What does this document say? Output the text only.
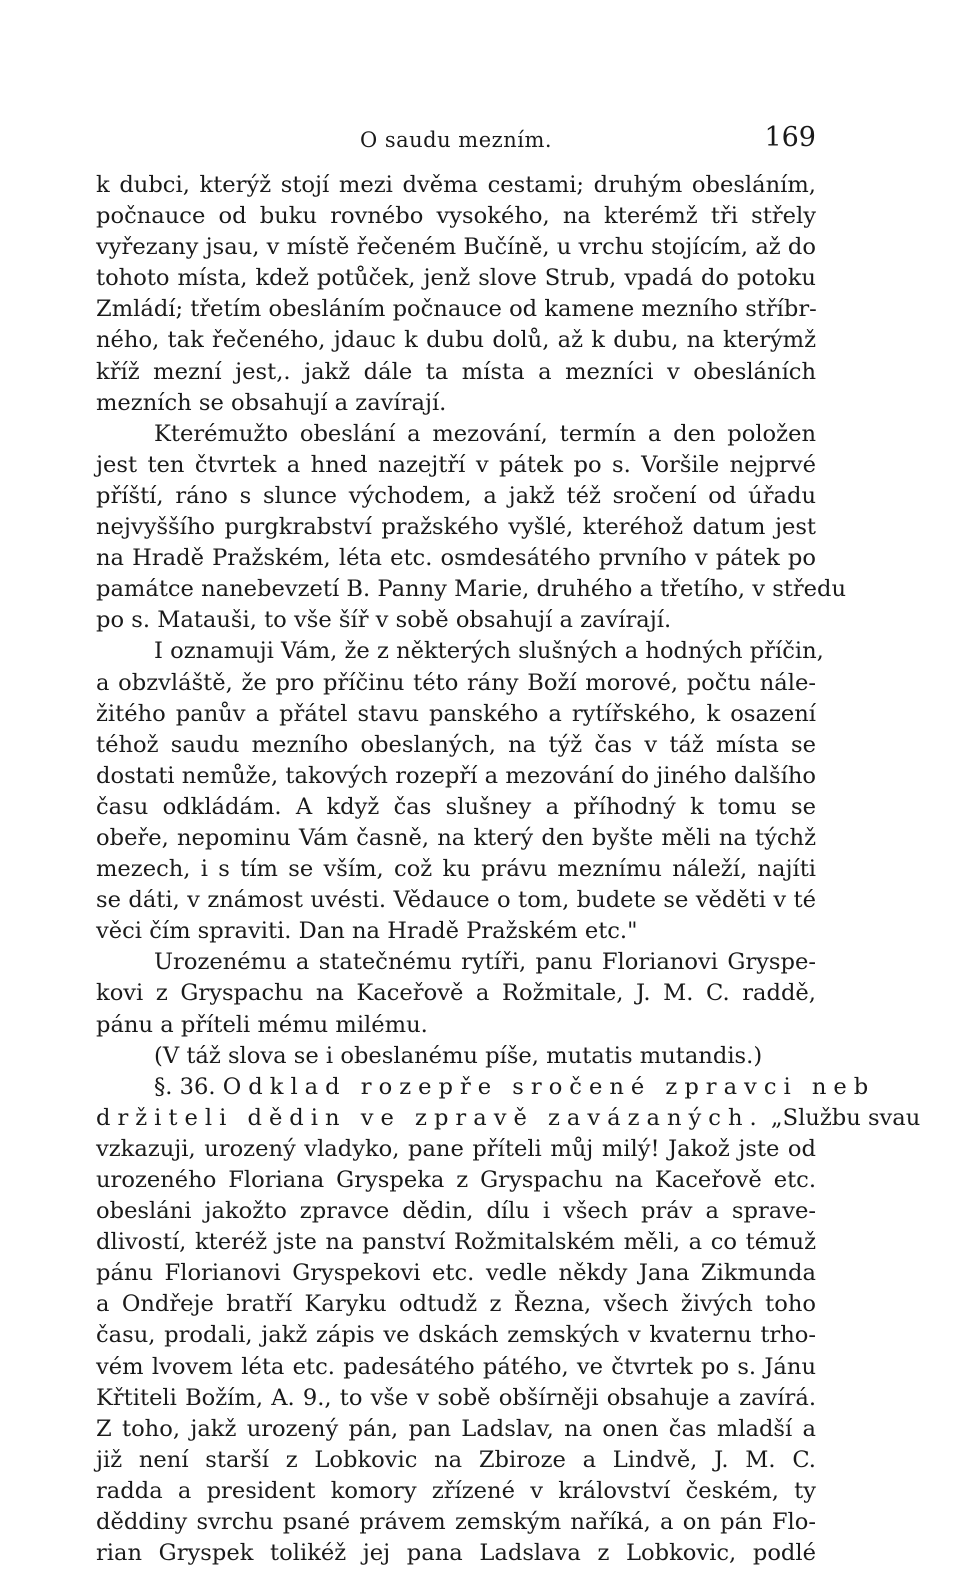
O saudu mezním.	169
k dubci, kterýž stojí mezi dvěma cestami; druhým obesláním,
počnauce od buku rovnébo vysokého, na kterémž tři střely
vyřezany jsau, v místě řečeném Bučíně, u vrchu stojícím, až do
tohoto místa, kdež potůček, jenž slove Strub, vpadá do potoku
Zmládí; třetím obesláním počnauce od kamene mezního stříbr-
ného, tak řečeného, jdauc k dubu dolů, až k dubu, na kterýmž
kříž mezní jest,. jakž dále ta místa a mezníci v obesláních
mezních se obsahují a zavírají.
Kterémužto obeslání a mezování, termín a den položen
jest ten čtvrtek a hned nazejtří v pátek po s. Voršile nejprvé
příští, ráno s slunce východem, a jakž též sročení od úřadu
nejvyššího purgkrabství pražského vyšlé, kteréhož datum jest
na Hradě Pražském, léta etc. osmdesátého prvního v pátek po
památce nanebevzetí B. Panny Marie, druhého a třetího, v středu
po s. Matauši, to vše šíř v sobě obsahují a zavírají.
I oznamuji Vám, že z některých slušných a hodných příčin,
a obzvláště, že pro příčinu této rány Boží morové, počtu nále-
žitého panův a přátel stavu panského a rytířského, k osazení
téhož saudu mezního obeslaných, na týž čas v táž místa se
dostati nemůže, takových rozepří a mezování do jiného dalšího
času odkládám. A když čas slušney a příhodný k tomu se
obeře, nepominu Vám časně, na který den byšte měli na týchž
mezech, i s tím se vším, což ku právu meznímu náleží, najíti
se dáti, v známost uvésti. Vědauce o tom, budete se věděti v té
věci čím spraviti. Dan na Hradě Pražském etc."
Urozenému a statečnému rytíři, panu Florianovi Gryspe-
kovi z Gryspachu na Kaceřově a Rožmitale, J. M. C. raddě,
pánu a příteli mému milému.
(V táž slova se i obeslanému píše, mutatis mutandis.)
§. 36. Odklad rozepře sročené zpravci neb
držiteli dědin ve zpravě zavázaných. „Službu svau
vzkazuji, urozený vladyko, pane příteli můj milý! Jakož jste od
urozeného Floriana Gryspeka z Gryspachu na Kaceřově etc.
obesláni jakožto zpravce dědin, dílu i všech práv a sprave-
dlivostí, kteréž jste na panství Rožmitalském měli, a co témuž
pánu Florianovi Gryspekovi etc. vedle někdy Jana Zikmunda
a Ondřeje bratří Karyku odtudž z Řezna, všech živých toho
času, prodali, jakž zápis ve dskách zemských v kvaternu trho-
vém lvovem léta etc. padesátého pátého, ve čtvrtek po s. Jánu
Křtiteli Božím, A. 9., to vše v sobě obšírněji obsahuje a zavírá.
Z toho, jakž urozený pán, pan Ladslav, na onen čas mladší a
již není starší z Lobkovic na Zbiroze a Lindvě, J. M. C.
radda a president komory zřízené v království českém, ty
děddiny svrchu psané právem zemským naříká, a on pán Flo-
rian Gryspek tolikéž jej pana Ladslava z Lobkovic, podlé
